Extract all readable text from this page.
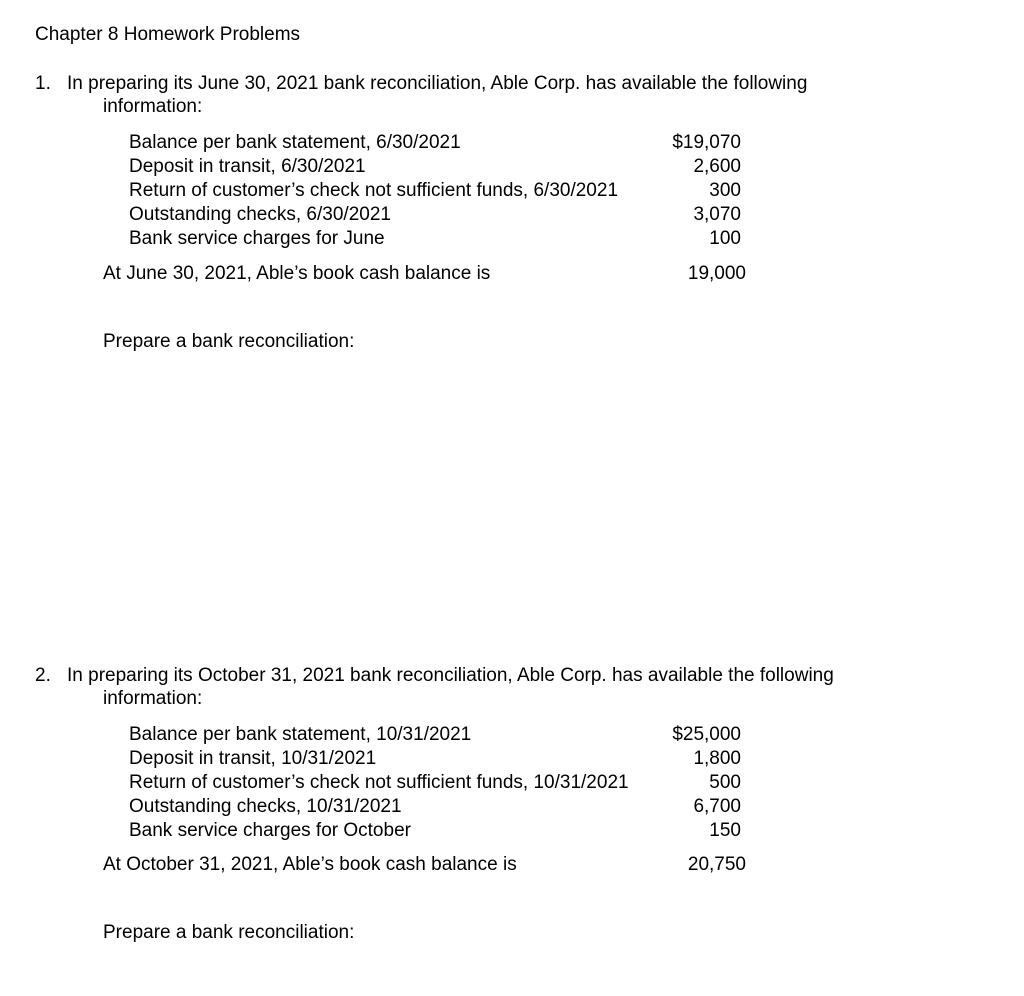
Chapter 8 Homework Problems
1. In preparing its June 30, 2021 bank reconciliation, Able Corp. has available the following
information:
Balance per bank statement, 6/30/2021	$19,070
Deposit in transit, 6/30/2021	2,600
Return of customer’s check not sufficient funds, 6/30/2021	300
Outstanding checks, 6/30/2021	3,070
Bank service charges for June	100
At June 30, 2021, Able’s book cash balance is	19,000
Prepare a bank reconciliation:
2. In preparing its October 31, 2021 bank reconciliation, Able Corp. has available the following
information:
Balance per bank statement, 10/31/2021	$25,000
Deposit in transit, 10/31/2021	1,800
Return of customer’s check not sufficient funds, 10/31/2021	500
Outstanding checks, 10/31/2021	6,700
Bank service charges for October	150
At October 31, 2021, Able’s book cash balance is	20,750
Prepare a bank reconciliation:
